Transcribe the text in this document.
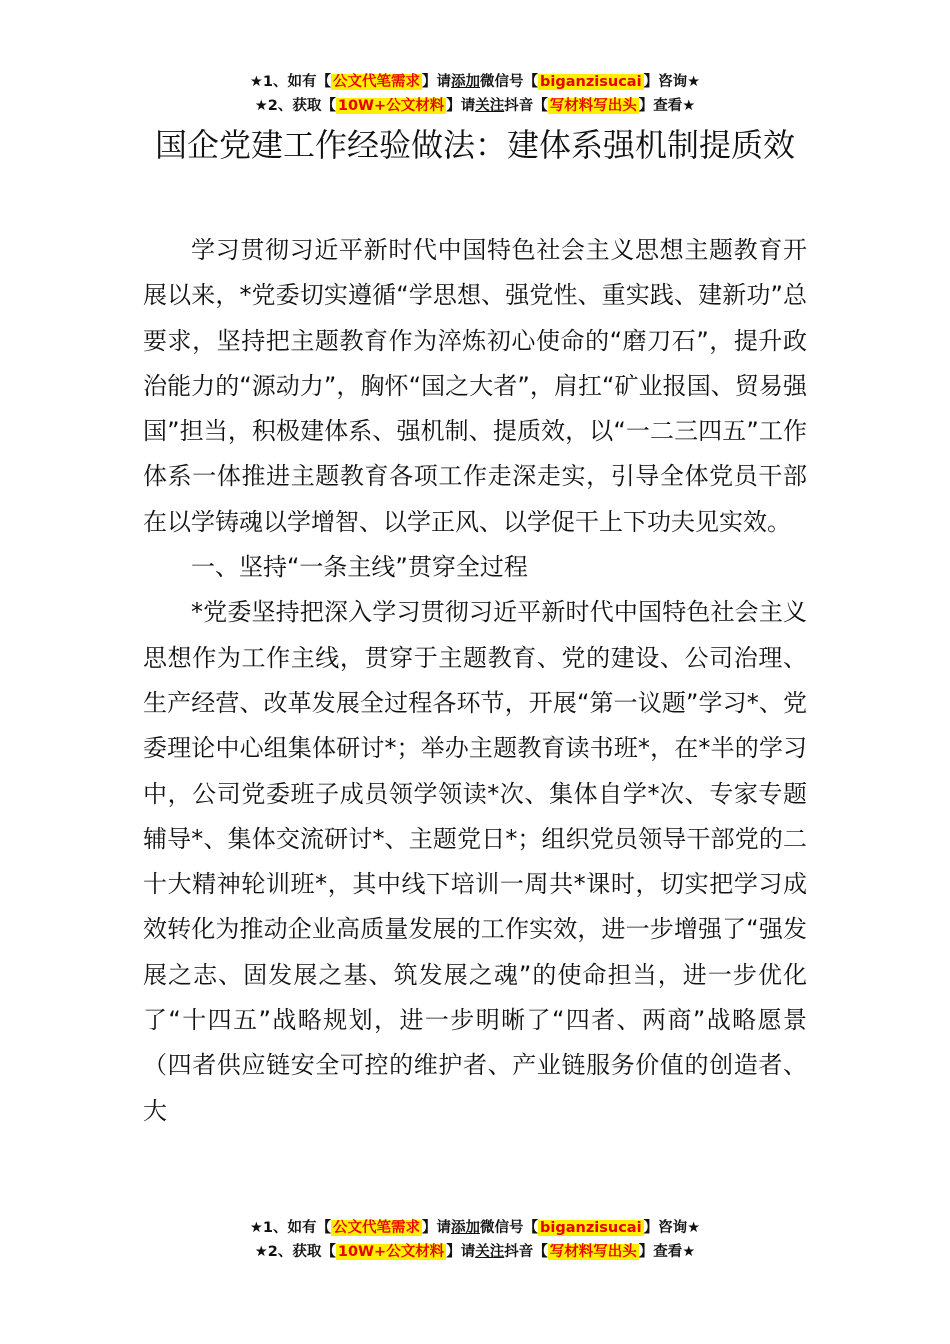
★1、如有【 公文代笔需求 】请添加微信号【 biganzisucai 】咨询★
★2、获取【 10W+公文材料 】请关注抖音【 写材料写出头 】查看★
国企党建工作经验做法：建体系强机制提质效

学习贯彻习近平新时代中国特色社会主义思想主题教育开展以来，*党委切实遵循“学思想、强党性、重实践、建新功”总要求，坚持把主题教育作为淬炼初心使命的“磨刀石”，提升政治能力的“源动力”，胸怀“国之大者”，肩扛“矿业报国、贸易强国”担当，积极建体系、强机制、提质效，以“一二三四五”工作体系一体推进主题教育各项工作走深走实，引导全体党员干部在以学铸魂以学增智、以学正风、以学促干上下功夫见实效。

一、坚持“一条主线”贯穿全过程

*党委坚持把深入学习贯彻习近平新时代中国特色社会主义思想作为工作主线，贯穿于主题教育、党的建设、公司治理、生产经营、改革发展全过程各环节，开展“第一议题”学习*、党委理论中心组集体研讨*；举办主题教育读书班*，在*半的学习中，公司党委班子成员领学领读*次、集体自学*次、专家专题辅导*、集体交流研讨*、主题党日*；组织党员领导干部党的二十大精神轮训班*，其中线下培训一周共*课时，切实把学习成效转化为推动企业高质量发展的工作实效，进一步增强了“强发展之志、固发展之基、筑发展之魂”的使命担当，进一步优化了“十四五”战略规划，进一步明晰了“四者、两商”战略愿景（四者供应链安全可控的维护者、产业链服务价值的创造者、大

★1、如有【 公文代笔需求 】请添加微信号【 biganzisucai 】咨询★
★2、获取【 10W+公文材料 】请关注抖音【 写材料写出头 】查看★
